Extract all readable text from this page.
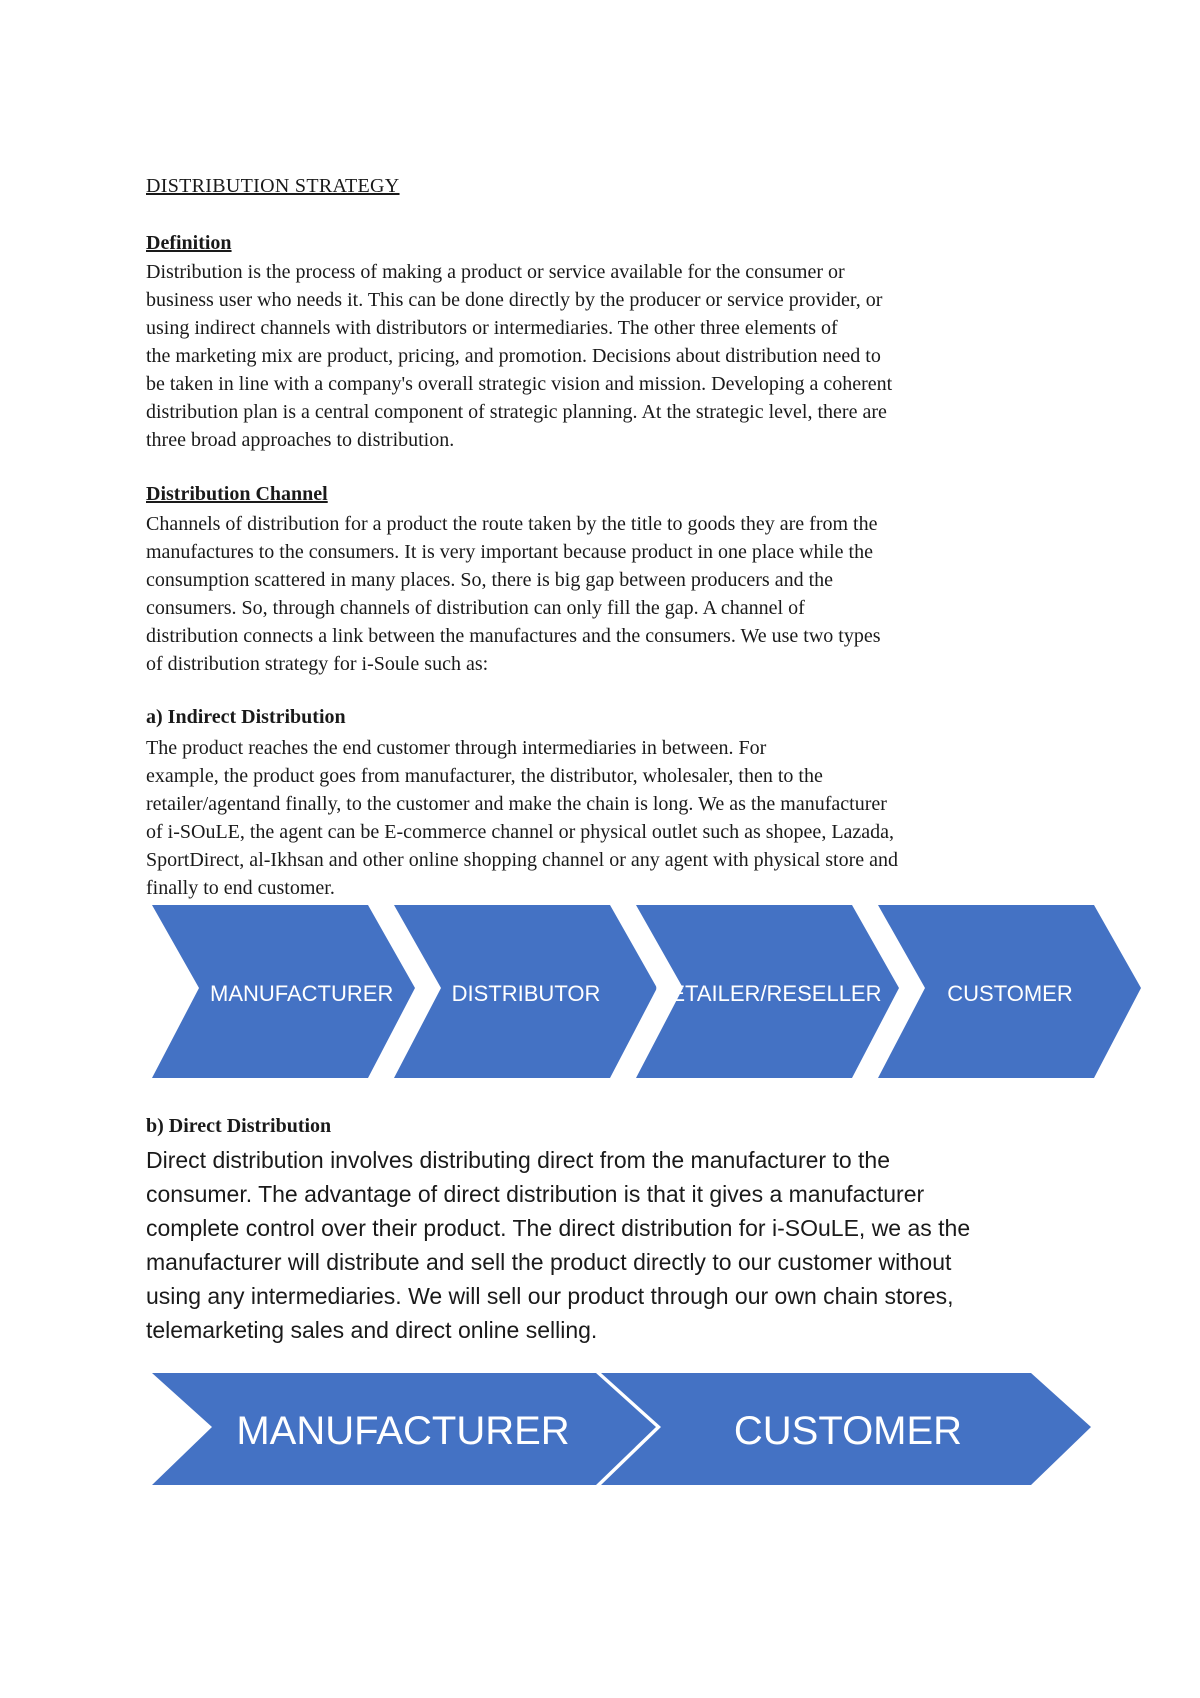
DISTRIBUTION STRATEGY
Definition
Distribution is the process of making a product or service available for the consumer or
business user who needs it. This can be done directly by the producer or service provider, or
using indirect channels with distributors or intermediaries. The other three elements of
the marketing mix are product, pricing, and promotion. Decisions about distribution need to
be taken in line with a company's overall strategic vision and mission. Developing a coherent
distribution plan is a central component of strategic planning. At the strategic level, there are
three broad approaches to distribution.
Distribution Channel
Channels of distribution for a product the route taken by the title to goods they are from the
manufactures to the consumers. It is very important because product in one place while the
consumption scattered in many places. So, there is big gap between producers and the
consumers. So, through channels of distribution can only fill the gap. A channel of
distribution connects a link between the manufactures and the consumers. We use two types
of distribution strategy for i-Soule such as:
a) Indirect Distribution
The product reaches the end customer through intermediaries in between. For
example, the product goes from manufacturer, the distributor, wholesaler, then to the
retailer/agentand finally, to the customer and make the chain is long. We as the manufacturer
of i-SOuLE, the agent can be E-commerce channel or physical outlet such as shopee, Lazada,
SportDirect, al-Ikhsan and other online shopping channel or any agent with physical store and
finally to end customer.
MANUFACTURER	DISTRIBUTOR RETAILER/RESELLER	CUSTOMER
b) Direct Distribution
Direct distribution involves distributing direct from the manufacturer to the
consumer. The advantage of direct distribution is that it gives a manufacturer
complete control over their product. The direct distribution for i-SOuLE, we as the
manufacturer will distribute and sell the product directly to our customer without
using any intermediaries. We will sell our product through our own chain stores,
telemarketing sales and direct online selling.
MANUFACTURER	CUSTOMER
